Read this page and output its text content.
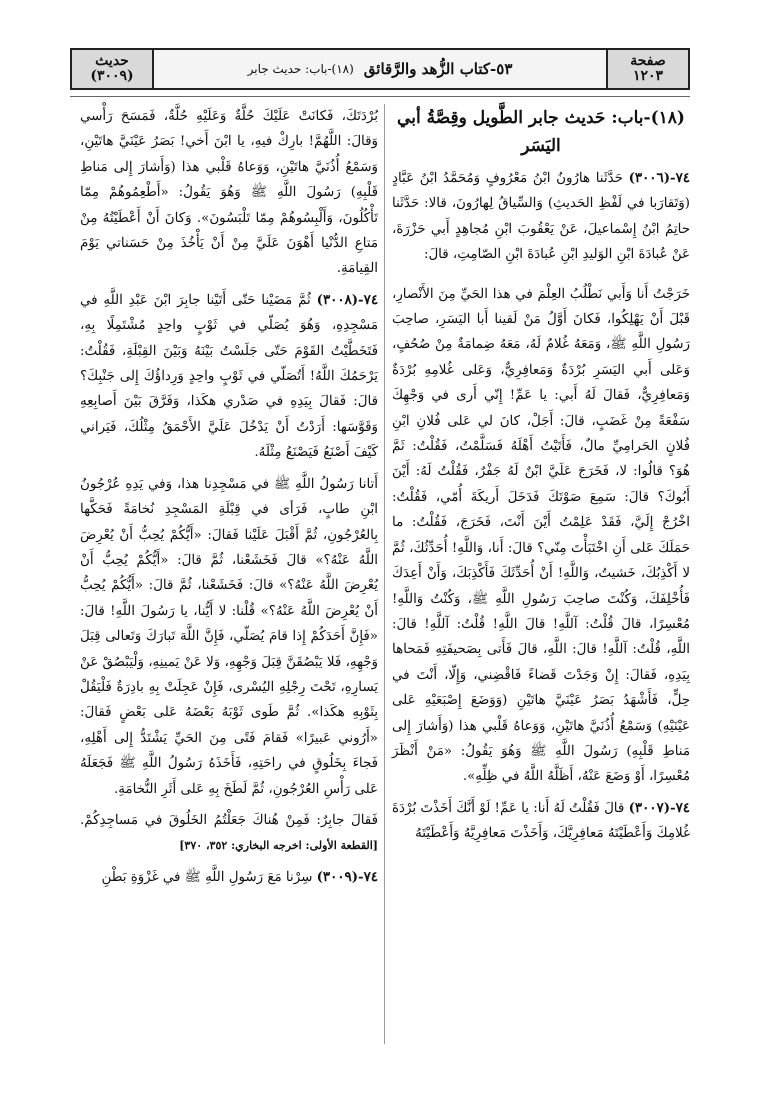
صفحة
١٢٠٣
٥٣-كتاب الزُّهد والرَّقائق
(١٨)-باب: حديث جابر
حديث
(٣٠٠٩)
(١٨)-باب: حَديث جابر الطَّويل وقِصَّةُ أبي اليَسَر

٧٤-(٣٠٠٦) حَدَّثَنا هارُونُ ابْنُ مَعْرُوفٍ وَمُحَمَّدُ ابْنُ عَبَّادٍ (وَتَقارَبا في لَفْظِ الحَديثِ) وَالسِّياقُ لِهارُونَ، قالا: حَدَّثَنا حاتِمُ ابْنُ إِسْماعيلَ، عَنْ يَعْقُوبَ ابْنِ مُجاهِدٍ أَبي حَزْرَةَ، عَنْ عُبادَةَ ابْنِ الوَليدِ ابْنِ عُبادَةَ ابْنِ الصّامِتِ، قالَ:

خَرَجْتُ أَنا وَأَبي نَطْلُبُ العِلْمَ في هذا الحَيِّ مِنَ الأَنْصارِ، قَبْلَ أَنْ يَهْلِكُوا، فَكانَ أَوَّلُ مَنْ لَقينا أَبا اليَسَرِ، صاحِبَ رَسُولِ اللَّهِ ﷺ، وَمَعَهُ غُلامٌ لَهُ، مَعَهُ ضِمامَةٌ مِنْ صُحُفٍ، وَعَلى أَبي اليَسَرِ بُرْدَةٌ وَمَعافِرِيٌّ، وَعَلى غُلامِهِ بُرْدَةٌ وَمَعافِرِيٌّ، فَقالَ لَهُ أَبي: يا عَمِّ! إِنّي أَرى في وَجْهِكَ سَفْعَةً مِنْ غَضَبٍ، قالَ: أَجَلْ، كانَ لي عَلى فُلانِ ابْنِ فُلانٍ الحَرامِيِّ مالٌ، فَأَتَيْتُ أَهْلَهُ فَسَلَّمْتُ، فَقُلْتُ: ثَمَّ هُوَ؟ قالُوا: لا، فَخَرَجَ عَلَيَّ ابْنٌ لَهُ جَفْرٌ، فَقُلْتُ لَهُ: أَيْنَ أَبُوكَ؟ قالَ: سَمِعَ صَوْتَكَ فَدَخَلَ أَريكَةَ أُمّي، فَقُلْتُ: اخْرُجْ إِلَيَّ، فَقَدْ عَلِمْتُ أَيْنَ أَنْتَ، فَخَرَجَ، فَقُلْتُ: ما حَمَلَكَ عَلى أَنِ اخْتَبَأْتَ مِنّي؟ قالَ: أَنا، وَاللَّهِ! أُحَدِّثُكَ، ثُمَّ لا أَكْذِبُكَ، خَشيتُ، وَاللَّهِ! أَنْ أُحَدِّثَكَ فَأَكْذِبَكَ، وَأَنْ أَعِدَكَ فَأُخْلِفَكَ، وَكُنْتَ صاحِبَ رَسُولِ اللَّهِ ﷺ، وَكُنْتُ وَاللَّهِ! مُعْسِرًا، قالَ قُلْتُ: آللَّهِ! قالَ اللَّهِ! قُلْتُ: آللَّهِ! قالَ: اللَّهِ، قُلْتُ: آللَّهِ! قالَ: اللَّهِ، قالَ فَأَتى بِصَحيفَتِهِ فَمَحاها بِيَدِهِ، فَقالَ: إِنْ وَجَدْتَ قَضاءً فَاقْضِني، وَإِلّا، أَنْتَ في حِلٍّ، فَأَشْهَدُ بَصَرُ عَيْنَيَّ هاتَيْنِ (وَوَضَعَ إِصْبَعَيْهِ عَلى عَيْنَيْهِ) وَسَمْعُ أُذُنَيَّ هاتَيْنِ، وَوَعاهُ قَلْبي هذا (وَأَشارَ إِلى مَناطِ قَلْبِهِ) رَسُولَ اللَّهِ ﷺ وَهُوَ يَقُولُ: «مَنْ أَنْظَرَ مُعْسِرًا، أَوْ وَضَعَ عَنْهُ، أَظَلَّهُ اللَّهُ في ظِلِّهِ».

٧٤-(٣٠٠٧) قالَ فَقُلْتُ لَهُ أَنا: يا عَمِّ! لَوْ أَنَّكَ أَخَذْتَ بُرْدَةَ غُلامِكَ وَأَعْطَيْتَهُ مَعافِرِيَّكَ، وَأَخَذْتَ مَعافِرِيَّهُ وَأَعْطَيْتَهُ

بُرْدَتَكَ، فَكانَتْ عَلَيْكَ حُلَّةٌ وَعَلَيْهِ حُلَّةٌ، فَمَسَحَ رَأْسي وَقالَ: اللَّهُمَّ! بارِكْ فيهِ، يا ابْنَ أَخي! بَصَرُ عَيْنَيَّ هاتَيْنِ، وَسَمْعُ أُذُنَيَّ هاتَيْنِ، وَوَعاهُ قَلْبي هذا (وَأَشارَ إِلى مَناطِ قَلْبِهِ) رَسُولَ اللَّهِ ﷺ وَهُوَ يَقُولُ: «أَطْعِمُوهُمْ مِمّا تَأْكُلُونَ، وَأَلْبِسُوهُمْ مِمّا تَلْبَسُونَ». وَكانَ أَنْ أَعْطَيْتُهُ مِنْ مَتاعِ الدُّنْيا أَهْوَنَ عَلَيَّ مِنْ أَنْ يَأْخُذَ مِنْ حَسَناتي يَوْمَ القِيامَةِ.

٧٤-(٣٠٠٨) ثُمَّ مَضَيْنا حَتّى أَتَيْنا جابِرَ ابْنَ عَبْدِ اللَّهِ في مَسْجِدِهِ، وَهُوَ يُصَلّي في ثَوْبٍ واحِدٍ مُشْتَمِلًا بِهِ، فَتَخَطَّيْتُ القَوْمَ حَتّى جَلَسْتُ بَيْنَهُ وَبَيْنَ القِبْلَةِ، فَقُلْتُ: يَرْحَمُكَ اللَّهُ! أَتُصَلّي في ثَوْبٍ واحِدٍ وَرِداؤُكَ إِلى جَنْبِكَ؟ قالَ: فَقالَ بِيَدِهِ في صَدْري هكَذا، وَفَرَّقَ بَيْنَ أَصابِعِهِ وَقَوَّسَها: أَرَدْتُ أَنْ يَدْخُلَ عَلَيَّ الأَحْمَقُ مِثْلُكَ، فَيَراني كَيْفَ أَصْنَعُ فَيَصْنَعُ مِثْلَهُ.

أَتانا رَسُولُ اللَّهِ ﷺ في مَسْجِدِنا هذا، وَفي يَدِهِ عُرْجُونُ ابْنِ طابٍ، فَرَأى في قِبْلَةِ المَسْجِدِ نُخامَةً فَحَكَّها بِالعُرْجُونِ، ثُمَّ أَقْبَلَ عَلَيْنا فَقالَ: «أَيُّكُمْ يُحِبُّ أَنْ يُعْرِضَ اللَّهُ عَنْهُ؟» قالَ فَخَشَعْنا، ثُمَّ قالَ: «أَيُّكُمْ يُحِبُّ أَنْ يُعْرِضَ اللَّهُ عَنْهُ؟» قالَ: فَخَشَعْنا، ثُمَّ قالَ: «أَيُّكُمْ يُحِبُّ أَنْ يُعْرِضَ اللَّهُ عَنْهُ؟» قُلْنا: لا أَيُّنا، يا رَسُولَ اللَّهِ! قالَ: «فَإِنَّ أَحَدَكُمْ إِذا قامَ يُصَلّي، فَإِنَّ اللَّهَ تَبارَكَ وَتَعالى قِبَلَ وَجْهِهِ، فَلا يَبْصُقَنَّ قِبَلَ وَجْهِهِ، وَلا عَنْ يَمينِهِ، وَلْيَبْصُقْ عَنْ يَسارِهِ، تَحْتَ رِجْلِهِ اليُسْرى، فَإِنْ عَجِلَتْ بِهِ بادِرَةٌ فَلْيَقُلْ بِثَوْبِهِ هكَذا». ثُمَّ طَوى ثَوْبَهُ بَعْضَهُ عَلى بَعْضٍ فَقالَ: «أَرُوني عَبيرًا» فَقامَ فَتًى مِنَ الحَيِّ يَشْتَدُّ إِلى أَهْلِهِ، فَجاءَ بِخَلُوقٍ في راحَتِهِ، فَأَخَذَهُ رَسُولُ اللَّهِ ﷺ فَجَعَلَهُ عَلى رَأْسِ العُرْجُونِ، ثُمَّ لَطَخَ بِهِ عَلى أَثَرِ النُّخامَةِ.

فَقالَ جابِرٌ: فَمِنْ هُناكَ جَعَلْتُمُ الخَلُوقَ في مَساجِدِكُمْ. [القطعة الأولى: اخرجه البخاري: ٣٥٢، ٣٧٠]

٧٤-(٣٠٠٩) سِرْنا مَعَ رَسُولِ اللَّهِ ﷺ في غَزْوَةِ بَطْنِ
